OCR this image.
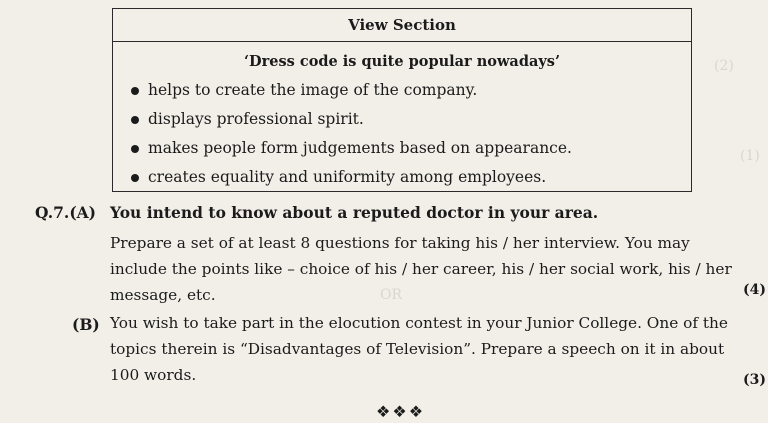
(2)
(1)
OR
View Section
‘Dress code is quite popular nowadays’
helps to create the image of the company.
displays professional spirit.
makes people form judgements based on appearance.
creates equality and uniformity among employees.
Q.7.(A) You intend to know about a reputed doctor in your area.
Prepare a set of at least 8 questions for taking his / her interview. You may include the points like – choice of his / her career, his / her social work, his / her message, etc.	(4)
(B) You wish to take part in the elocution contest in your Junior College. One of the topics therein is “Disadvantages of Television”. Prepare a speech on it in about 100 words.	(3)
❖❖❖
